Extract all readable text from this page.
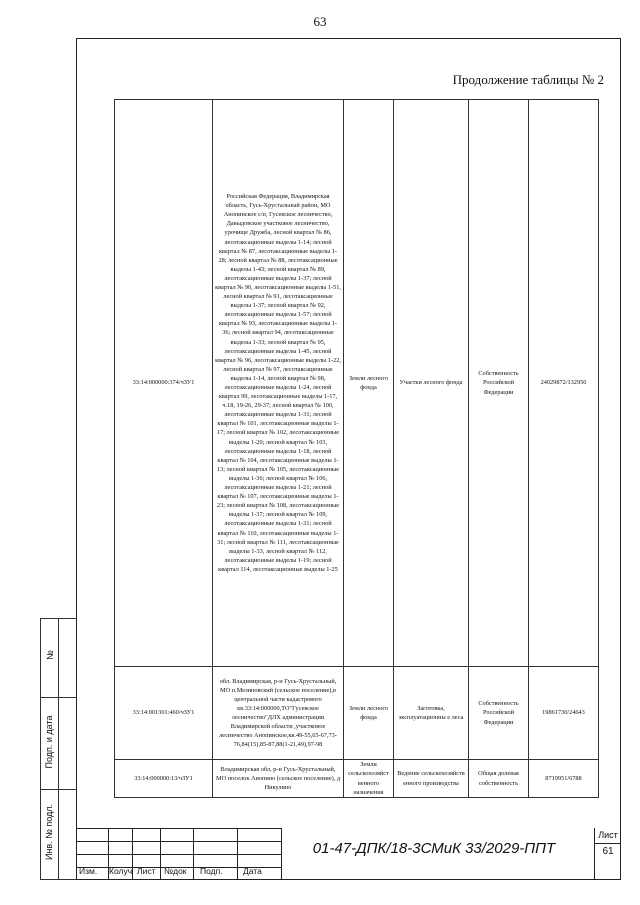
63
Продолжение таблицы № 2
33:14:000000:374/чЗУ1	Российская Федерация, Владимирская область, Гусь-Хрустальный район, МО Анопинское с/п, Гусевское лесничество, Давыдовское участковое лесничество, урочище Дружба, лесной квартал № 86, лесотаксационные выделы 1-14; лесной квартал № 87, лесотаксационные выделы 1-28; лесной квартал № 88, лесотаксационные выделы 1-43; лесной квартал № 89, лесотаксационные выделы 1-37; лесной квартал № 90, лесотаксационные выделы 1-51, лесной квартал № 91, лесотаксационные выделы 1-37; лесной квартал № 92, лесотаксационные выделы 1-57; лесной квартал № 93, лесотаксационные выделы 1-36; лесной квартал 94, лесотаксационные выделы 1-33; лесной квартал № 95, лесотаксационные выделы 1-45, лесной квартал № 96, лесотаксационные выделы 1-22, лесной квартал № 97, лесотаксационные выделы 1-14, лесной квартал № 98, лесотаксационные выделы 1-24, лесной квартал 99, лесотаксационные выделы 1-17, ч.18, 19-26, 29-37; лесной квартал № 100, лесотаксационные выделы 1-31; лесной квартал № 101, лесотаксационные выделы 1-17; лесной квартал № 102, лесотаксационные выделы 1-20; лесной квартал № 103, лесотаксационные выделы 1-18, лесной квартал № 104, лесотаксационные выделы 1-13; лесной квартал № 105, лесотаксационные выделы 1-36; лесной квартал № 106, лесотаксационные выделы 1-21; лесной квартал № 107, лесотаксационные выделы 1-23; лесной квартал № 108, лесотаксационные выделы 1-37; лесной квартал № 109, лесотаксационные выделы 1-31; лесной квартал № 110, лесотаксационные выделы 1-31; лесной квартал № 111, лесотаксационные выделы 1-33, лесной квартал № 112, лесотаксационные выделы 1-19; лесной квартал 114, лесотаксационные выделы 1-25	Земли лесного фонда	Участки лесного фонда	Собственность Российской Федерации	24029872/132950
33:14:001301:460/чЗУ1	обл. Владимирская, р-н Гусь-Хрустальный, МО п.Мезиновский (сельское поселение),в центральной части кадастрового кв.33:14:000000,ТО"Гусевское лесничество"ДЛХ администрации Владимирской области ,участковое лесничество Анопинское,кв.49-55,65-67,73-76,84(15),85-87,88(1-21,49),97-98	Земли лесного фонда	Заготовка, эксплуатационны е леса	Собственность Российской Федерации	19861730/24643
33:14:000000:13/чЗУ1	Владимирская обл, р-н Гусь-Хрустальный, МО поселок Анопино (сельское поселение), д Никулино	Земли сельскохозяйст венного назначения	Ведение сельскохозяйств енного производства	Общая долевая собственность	8719951/6788
№
Подп. и дата
Инв. № подл.
Изм. Колуч Лист №док Подп. Дата
01-47-ДПК/18-3СМиК 33/2029-ППТ
Лист
61
